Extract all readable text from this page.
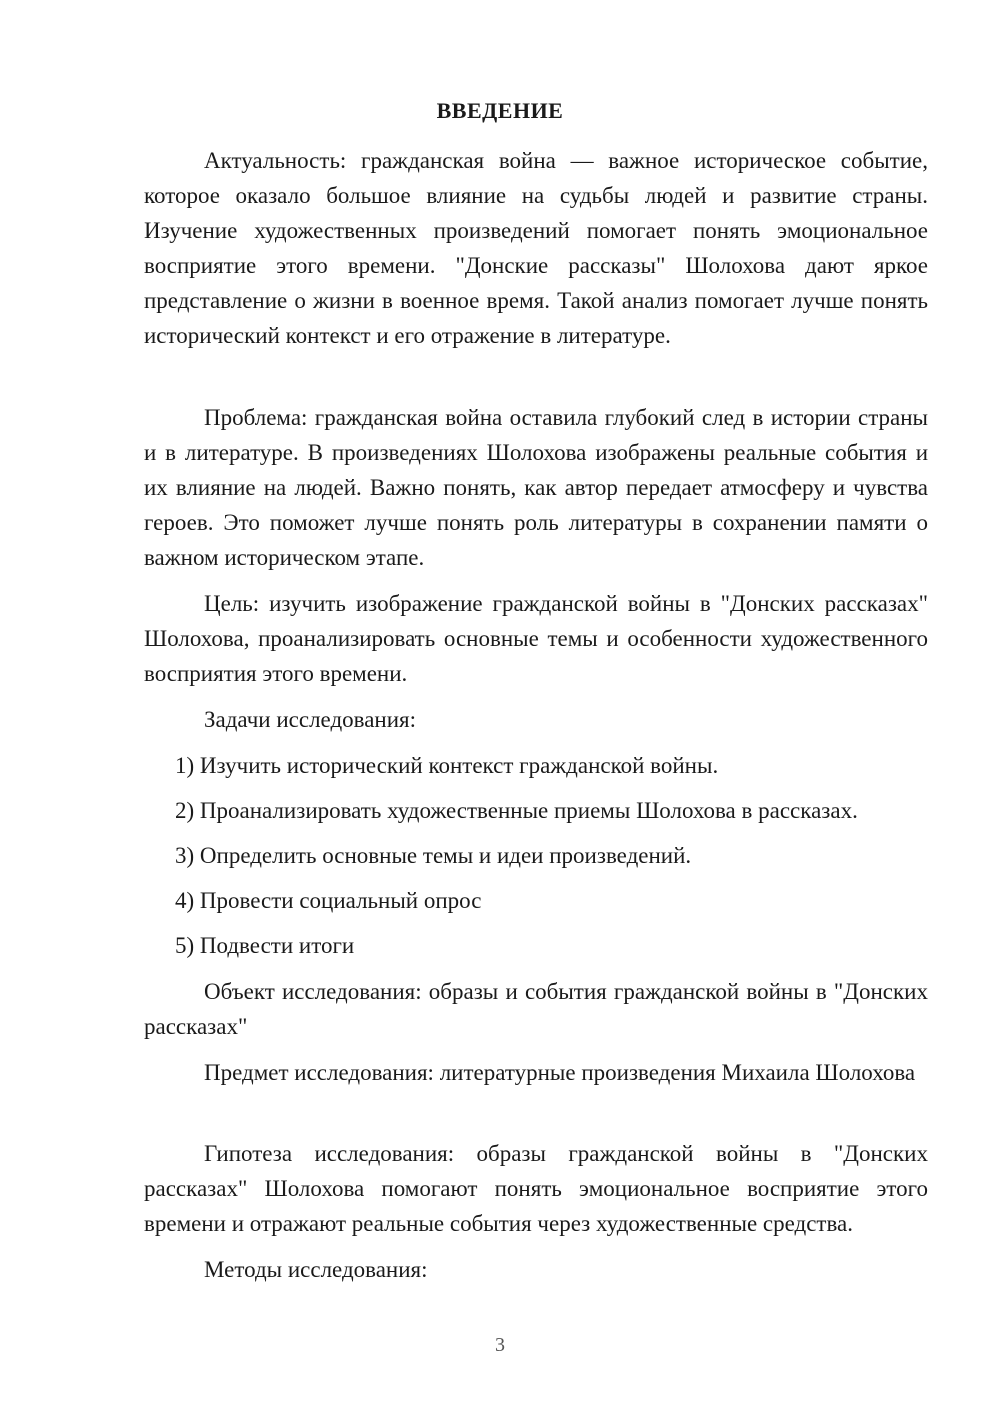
ВВЕДЕНИЕ
Актуальность: гражданская война — важное историческое событие, которое оказало большое влияние на судьбы людей и развитие страны. Изучение художественных произведений помогает понять эмоциональное восприятие этого времени. "Донские рассказы" Шолохова дают яркое представление о жизни в военное время. Такой анализ помогает лучше понять исторический контекст и его отражение в литературе.
Проблема: гражданская война оставила глубокий след в истории страны и в литературе. В произведениях Шолохова изображены реальные события и их влияние на людей. Важно понять, как автор передает атмосферу и чувства героев. Это поможет лучше понять роль литературы в сохранении памяти о важном историческом этапе.
Цель: изучить изображение гражданской войны в "Донских рассказах" Шолохова, проанализировать основные темы и особенности художественного восприятия этого времени.
Задачи исследования:
1) Изучить исторический контекст гражданской войны.
2) Проанализировать художественные приемы Шолохова в рассказах.
3) Определить основные темы и идеи произведений.
4) Провести социальный опрос
5) Подвести итоги
Объект исследования: образы и события гражданской войны в "Донских рассказах"
Предмет исследования: литературные произведения Михаила Шолохова
Гипотеза исследования: образы гражданской войны в "Донских рассказах" Шолохова помогают понять эмоциональное восприятие этого времени и отражают реальные события через художественные средства.
Методы исследования:
3
